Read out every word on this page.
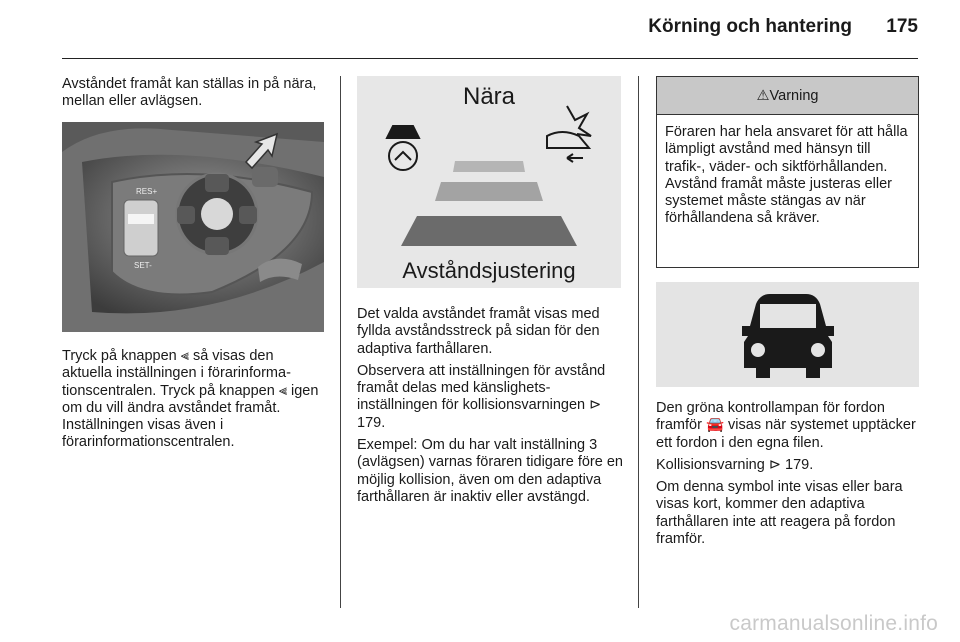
Körning och hantering 175

Avståndet framåt kan ställas in på nära, mellan eller avlägsen.

RES+
SET-

Tryck på knappen ⫷ så visas den aktuella inställningen i förarinformationscentralen. Tryck på knappen ⫷ igen om du vill ändra avståndet framåt. Inställningen visas även i förarinformationscentralen.

Nära
Avståndsjustering

Det valda avståndet framåt visas med fyllda avståndsstreck på sidan för den adaptiva farthållaren.

Observera att inställningen för avstånd framåt delas med känslighetsinställningen för kollisionsvarningen ⊳ 179.

Exempel: Om du har valt inställning 3 (avlägsen) varnas föraren tidigare före en möjlig kollision, även om den adaptiva farthållaren är inaktiv eller avstängd.

⚠Varning
Föraren har hela ansvaret för att hålla lämpligt avstånd med hänsyn till trafik-, väder- och siktförhållanden. Avstånd framåt måste justeras eller systemet måste stängas av när förhållandena så kräver.

Den gröna kontrollampan för fordon framför 🚘 visas när systemet upptäcker ett fordon i den egna filen.

Kollisionsvarning ⊳ 179.

Om denna symbol inte visas eller bara visas kort, kommer den adaptiva farthållaren inte att reagera på fordon framför.

carmanualsonline.info
